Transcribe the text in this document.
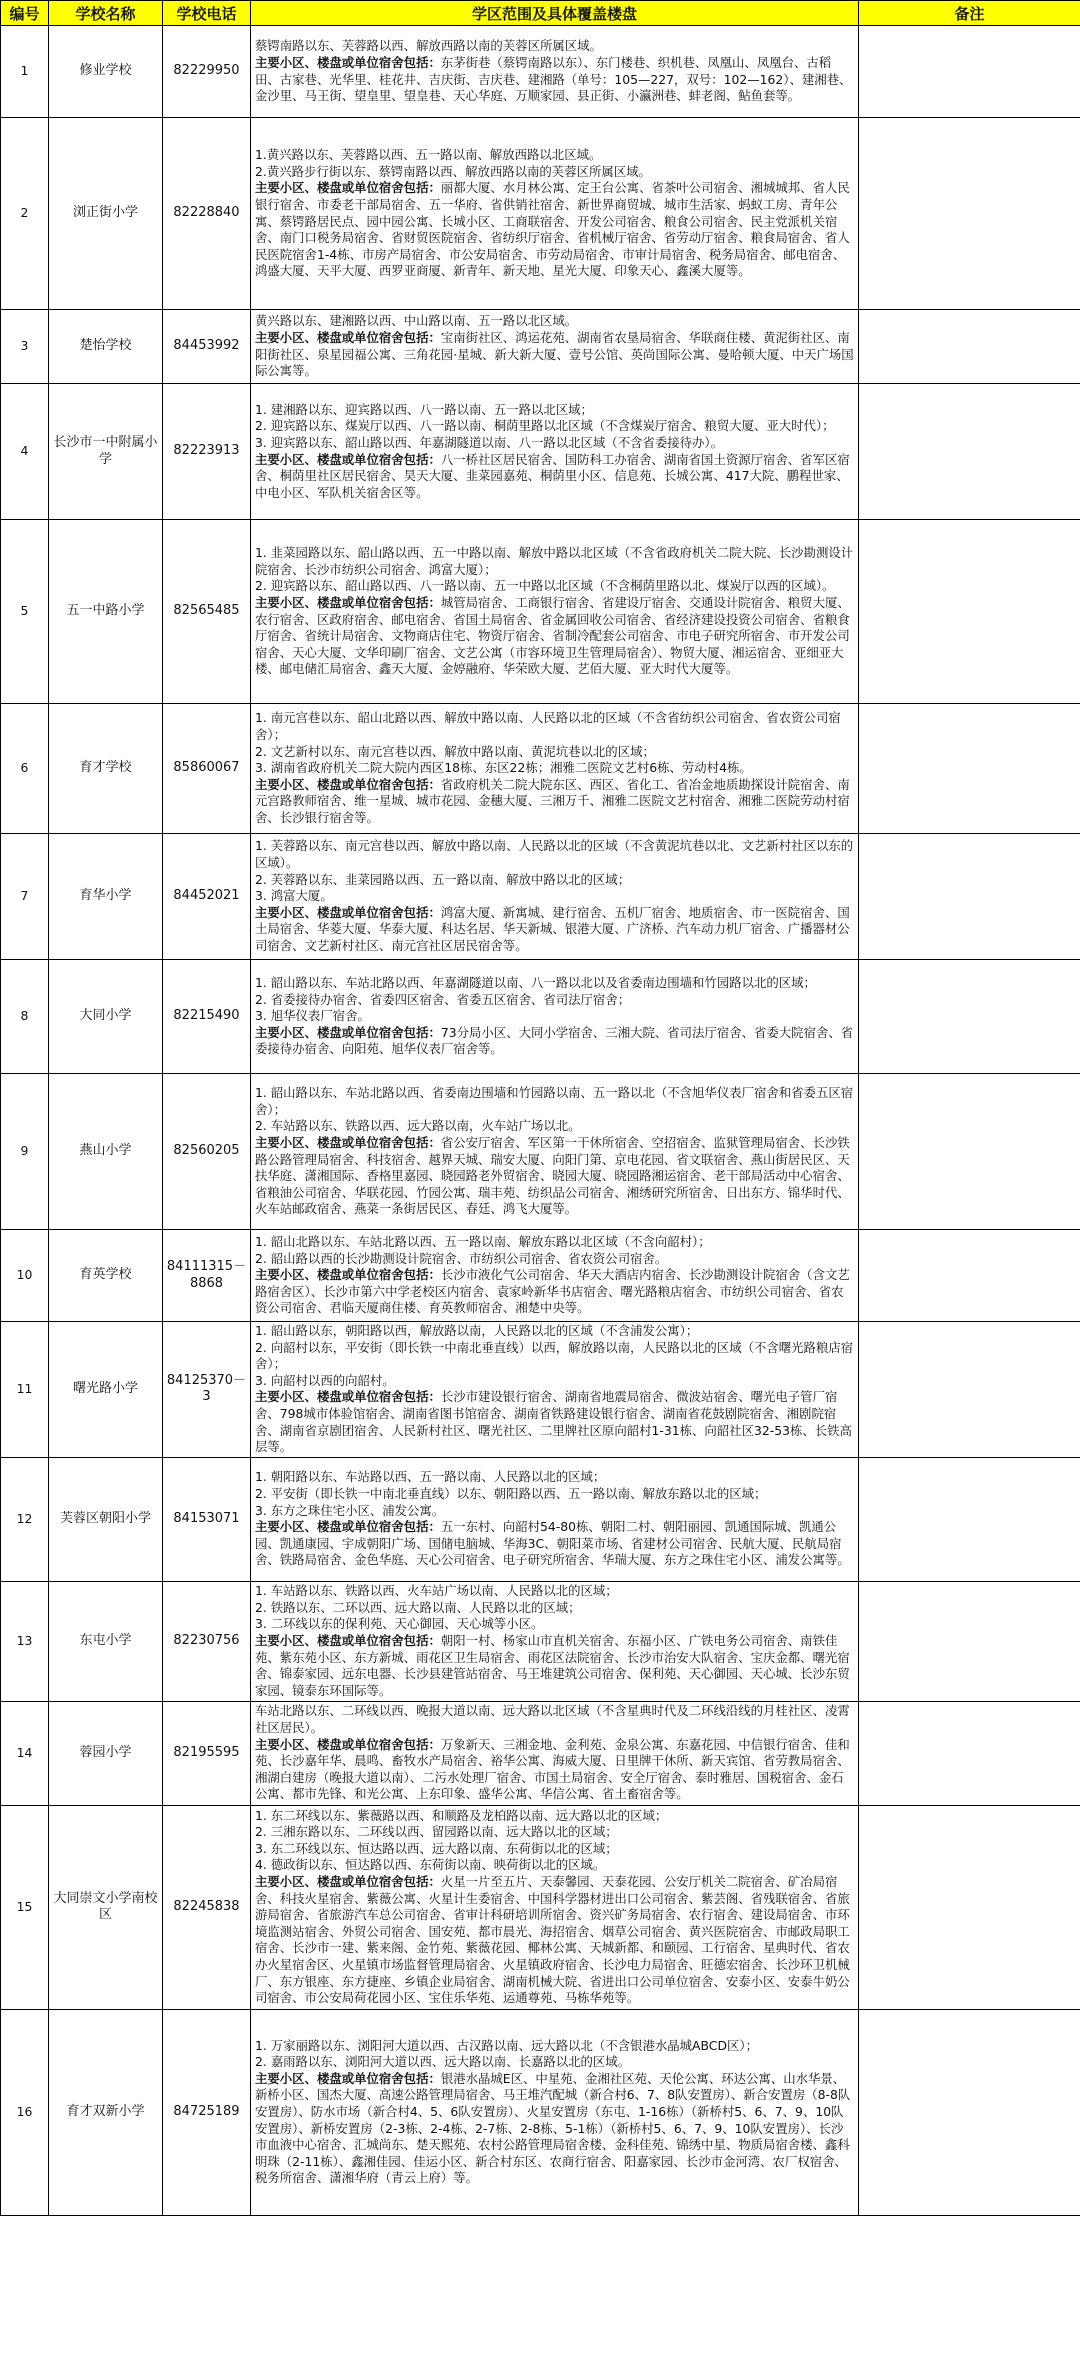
编号	学校名称	学校电话	学区范围及具体覆盖楼盘	备注
1	修业学校	82229950	蔡锷南路以东、芙蓉路以西、解放西路以南的芙蓉区所属区域。
主要小区、楼盘或单位宿舍包括：东茅街巷（蔡锷南路以东）、东门楼巷、织机巷、凤凰山、凤凰台、古稻田、古家巷、光华里、桂花井、吉庆街、吉庆巷、建湘路（单号：105—227，双号：102—162）、建湘巷、金沙里、马王街、望皇里、望皇巷、天心华庭、万顺家园、县正街、小瀛洲巷、蚌老阁、鲇鱼套等。	

2	浏正街小学	82228840	1.黄兴路以东、芙蓉路以西、五一路以南、解放西路以北区域。
2.黄兴路步行街以东、蔡锷南路以西、解放西路以南的芙蓉区所属区域。
主要小区、楼盘或单位宿舍包括：丽都大厦、水月林公寓、定王台公寓、省茶叶公司宿舍、湘城城邦、省人民银行宿舍、市委老干部局宿舍、五一华府、省供销社宿舍、新世界商贸城、城市生活家、蚂蚁工房、青年公寓、蔡锷路居民点、园中园公寓、长城小区、工商联宿舍、开发公司宿舍、粮食公司宿舍、民主党派机关宿舍、南门口税务局宿舍、省财贸医院宿舍、省纺织厅宿舍、省机械厅宿舍、省劳动厅宿舍、粮食局宿舍、省人民医院宿舍1-4栋、市房产局宿舍、市公安局宿舍、市劳动局宿舍、市审计局宿舍、税务局宿舍、邮电宿舍、鸿盛大厦、天平大厦、西罗亚商厦、新青年、新天地、星光大厦、印象天心、鑫溪大厦等。	

3	楚怡学校	84453992	黄兴路以东、建湘路以西、中山路以南、五一路以北区域。
主要小区、楼盘或单位宿舍包括：宝南街社区、鸿运花苑、湖南省农垦局宿舍、华联商住楼、黄泥街社区、南阳街社区、泉星园福公寓、三角花园·星城、新大新大厦、壹号公馆、英尚国际公寓、曼哈顿大厦、中天广场国际公寓等。	

4	长沙市一中附属小学	82223913	1. 建湘路以东、迎宾路以西、八一路以南、五一路以北区域；
2. 迎宾路以东、煤炭厅以西、八一路以南、桐荫里路以北区域（不含煤炭厅宿舍、粮贸大厦、亚大时代）；
3. 迎宾路以东、韶山路以西、年嘉湖隧道以南、八一路以北区域（不含省委接待办）。
主要小区、楼盘或单位宿舍包括：八一桥社区居民宿舍、国防科工办宿舍、湖南省国土资源厅宿舍、省军区宿舍、桐荫里社区居民宿舍、昊天大厦、韭菜园嘉苑、桐荫里小区、信息苑、长城公寓、417大院、鹏程世家、中电小区、军队机关宿舍区等。	

5	五一中路小学	82565485	1. 韭菜园路以东、韶山路以西、五一中路以南、解放中路以北区域（不含省政府机关二院大院、长沙勘测设计院宿舍、长沙市纺织公司宿舍、鸿富大厦）；
2. 迎宾路以东、韶山路以西、八一路以南、五一中路以北区域（不含桐荫里路以北、煤炭厅以西的区域）。
主要小区、楼盘或单位宿舍包括：城管局宿舍、工商银行宿舍、省建设厅宿舍、交通设计院宿舍、粮贸大厦、农行宿舍、区政府宿舍、邮电宿舍、省国土局宿舍、省金属回收公司宿舍、省经济建设投资公司宿舍、省粮食厅宿舍、省统计局宿舍、文物商店住宅、物资厅宿舍、省制冷配套公司宿舍、市电子研究所宿舍、市开发公司宿舍、天心大厦、文华印刷厂宿舍、文艺公寓（市容环境卫生管理局宿舍）、物贸大厦、湘运宿舍、亚细亚大楼、邮电储汇局宿舍、鑫天大厦、金婷融府、华荣欧大厦、艺佰大厦、亚大时代大厦等。	

6	育才学校	85860067	1. 南元宫巷以东、韶山北路以西、解放中路以南、人民路以北的区域（不含省纺织公司宿舍、省农资公司宿舍）；
2. 文艺新村以东、南元宫巷以西、解放中路以南、黄泥坑巷以北的区域；
3. 湖南省政府机关二院大院内西区18栋、东区22栋；湘雅二医院文艺村6栋、劳动村4栋。
主要小区、楼盘或单位宿舍包括：省政府机关二院大院东区、西区、省化工、省冶金地质勘探设计院宿舍、南元宫路教师宿舍、维一星城、城市花园、金穗大厦、三湘万千、湘雅二医院文艺村宿舍、湘雅二医院劳动村宿舍、长沙银行宿舍等。	

7	育华小学	84452021	1. 芙蓉路以东、南元宫巷以西、解放中路以南、人民路以北的区域（不含黄泥坑巷以北、文艺新村社区以东的区域）。
2. 芙蓉路以东、韭菜园路以西、五一路以南、解放中路以北的区域；
3. 鸿富大厦。
主要小区、楼盘或单位宿舍包括：鸿富大厦、新寓城、建行宿舍、五机厂宿舍、地质宿舍、市一医院宿舍、国土局宿舍、华菱大厦、华泰大厦、科达名居、华天新城、银港大厦、广济桥、汽车动力机厂宿舍、广播器材公司宿舍、文艺新村社区、南元宫社区居民宿舍等。	

8	大同小学	82215490	1. 韶山路以东、车站北路以西、年嘉湖隧道以南、八一路以北以及省委南边围墙和竹园路以北的区域；
2. 省委接待办宿舍、省委四区宿舍、省委五区宿舍、省司法厅宿舍；
3. 旭华仪表厂宿舍。
主要小区、楼盘或单位宿舍包括：73分局小区、大同小学宿舍、三湘大院、省司法厅宿舍、省委大院宿舍、省委接待办宿舍、向阳苑、旭华仪表厂宿舍等。	

9	燕山小学	82560205	1. 韶山路以东、车站北路以西、省委南边围墙和竹园路以南、五一路以北（不含旭华仪表厂宿舍和省委五区宿舍）；
2. 车站路以东、铁路以西、远大路以南，火车站广场以北。
主要小区、楼盘或单位宿舍包括：省公安厅宿舍、军区第一干休所宿舍、空招宿舍、监狱管理局宿舍、长沙铁路公路管理局宿舍、科技宿舍、越界天城、瑞安大厦、向阳门第、京电花园、省文联宿舍、燕山街居民区、天扶华庭、潇湘国际、香格里嘉园、晓园路老外贸宿舍、晓园大厦、晓园路湘运宿舍、老干部局活动中心宿舍、省粮油公司宿舍、华联花园、竹园公寓、瑞丰苑、纺织品公司宿舍、湘绣研究所宿舍、日出东方、锦华时代、火车站邮政宿舍、燕菜一条街居民区、春廷、鸿飞大厦等。	

10	育英学校	84111315－8868	1. 韶山北路以东、车站北路以西、五一路以南、解放东路以北区域（不含向韶村）；
2. 韶山路以西的长沙勘测设计院宿舍、市纺织公司宿舍、省农资公司宿舍。
主要小区、楼盘或单位宿舍包括：长沙市液化气公司宿舍、华天大酒店内宿舍、长沙勘测设计院宿舍（含文艺路宿舍区）、长沙市第六中学老校区内宿舍、袁家岭新华书店宿舍、曙光路粮店宿舍、市纺织公司宿舍、省农资公司宿舍、君临天厦商住楼、育英教师宿舍、湘楚中央等。	

11	曙光路小学	84125370－3	1. 韶山路以东，朝阳路以西，解放路以南，人民路以北的区域（不含浦发公寓）；
2. 向韶村以东，平安街（即长铁一中南北垂直线）以西，解放路以南，人民路以北的区域（不含曙光路粮店宿舍）；
3. 向韶村以西的向韶村。
主要小区、楼盘或单位宿舍包括：长沙市建设银行宿舍、湖南省地震局宿舍、微波站宿舍、曙光电子管厂宿舍、798城市体验馆宿舍、湖南省图书馆宿舍、湖南省铁路建设银行宿舍、湖南省花鼓剧院宿舍、湘剧院宿舍、湖南省京剧团宿舍、人民新村社区、曙光社区、二里牌社区原向韶村1-31栋、向韶社区32-53栋、长铁高层等。	

12	芙蓉区朝阳小学	84153071	1. 朝阳路以东、车站路以西、五一路以南、人民路以北的区域；
2. 平安街（即长铁一中南北垂直线）以东、朝阳路以西、五一路以南、解放东路以北的区域；
3. 东方之珠住宅小区、浦发公寓。
主要小区、楼盘或单位宿舍包括：五一东村、向韶村54-80栋、朝阳二村、朝阳丽园、凯通国际城、凯通公园、凯通康园、宇成朝阳广场、国储电脑城、华海3C、朝阳菜市场、省建材公司宿舍、民航大厦、民航局宿舍、铁路局宿舍、金色华庭、天心公司宿舍、电子研究所宿舍、华瑞大厦、东方之珠住宅小区、浦发公寓等。	

13	东屯小学	82230756	1. 车站路以东、铁路以西、火车站广场以南、人民路以北的区域；
2. 铁路以东、二环以西、远大路以南、人民路以北的区域；
3. 二环线以东的保利苑、天心御园、天心城等小区。
主要小区、楼盘或单位宿舍包括：朝阳一村、杨家山市直机关宿舍、东福小区、广铁电务公司宿舍、南铁佳苑、紫东苑小区、东方新城、雨花区卫生局宿舍、雨花区法院宿舍、长沙市治安大队宿舍、宝庆金都、曙光宿舍、锦泰家园、远东电器、长沙县建管站宿舍、马王堆建筑公司宿舍、保利苑、天心御园、天心城、长沙东贸家园、镜泰东环国际等。	

14	蓉园小学	82195595	车站北路以东、二环线以西、晚报大道以南、远大路以北区域（不含星典时代及二环线沿线的月桂社区、凌霄社区居民）。
主要小区、楼盘或单位宿舍包括：万象新天、三湘金地、金利苑、金泉公寓、东嘉花园、中信银行宿舍、佳和苑、长沙嘉年华、晨鸣、畜牧水产局宿舍、裕华公寓、海威大厦、日里牌干休所、新天宾馆、省劳教局宿舍、湘湖白建房（晚报大道以南）、二污水处理厂宿舍、市国土局宿舍、安全厅宿舍、泰时雅居、国税宿舍、金石公寓、都市先锋、和光公寓、上东印象、盛华公寓、华信公寓、省土畜宿舍等。	

15	大同崇文小学南校区	82245838	1. 东二环线以东、紫薇路以西、和顺路及龙柏路以南、远大路以北的区域；
2. 三湘东路以东、二环线以西、留园路以南、远大路以北的区域；
3. 东二环线以东、恒达路以西、远大路以南、东荷街以北的区域；
4. 德政街以东、恒达路以西、东荷街以南、映荷街以北的区域。
主要小区、楼盘或单位宿舍包括：火星一片至五片、天泰馨园、天泰花园、公安厅机关二院宿舍、矿冶局宿舍、科技火星宿舍、紫薇公寓、火星计生委宿舍、中国科学器材进出口公司宿舍、紫芸阁、省残联宿舍、省旅游局宿舍、省旅游汽车总公司宿舍、省审计科研培训所宿舍、资兴矿务局宿舍、农行宿舍、建设局宿舍、市环境监测站宿舍、外贸公司宿舍、国安苑、都市晨光、海招宿舍、烟草公司宿舍、黄兴医院宿舍、市邮政局职工宿舍、长沙市一建、紫来阁、金竹苑、紫薇花园、椰林公寓、天城新都、和颐园、工行宿舍、星典时代、省农办火星宿舍区、火星镇市场监督管理局宿舍、火星镇政府宿舍、长沙电力局宿舍、旺德宏宿舍、长沙环卫机械厂、东方银座、东方捷座、乡镇企业局宿舍、湖南机械大院、省进出口公司单位宿舍、安泰小区、安泰牛奶公司宿舍、市公安局荷花园小区、宝住乐华苑、运通尊苑、马栋华苑等。	

16	育才双新小学	84725189	1. 万家丽路以东、浏阳河大道以西、古汉路以南、远大路以北（不含银港水晶城ABCD区）；
2. 嘉雨路以东、浏阳河大道以西、远大路以南、长嘉路以北的区域。
主要小区、楼盘或单位宿舍包括：银港水晶城E区、中星苑、金湘社区苑、天伦公寓、环达公寓、山水华景、新桥小区、国杰大厦、高速公路管理局宿舍、马王堆汽配城（新合村6、7、8队安置房）、新合安置房（8-8队安置房）、防水市场（新合村4、5、6队安置房）、火星安置房（东屯、1-16栋）（新桥村5、6、7、9、10队安置房）、新桥安置房（2-3栋、2-4栋、2-7栋、2-8栋、5-1栋）（新桥村5、6、7、9、10队安置房）、长沙市血液中心宿舍、汇城尚东、楚天熙苑、农村公路管理局宿舍楼、金科佳苑、锦绣中星、物质局宿舍楼、鑫科明珠（2-11栋）、鑫湘佳园、佳运小区、新合村东区、农商行宿舍、阳嘉家园、长沙市金河湾、农厂权宿舍、税务所宿舍、潇湘华府（青云上府）等。	
